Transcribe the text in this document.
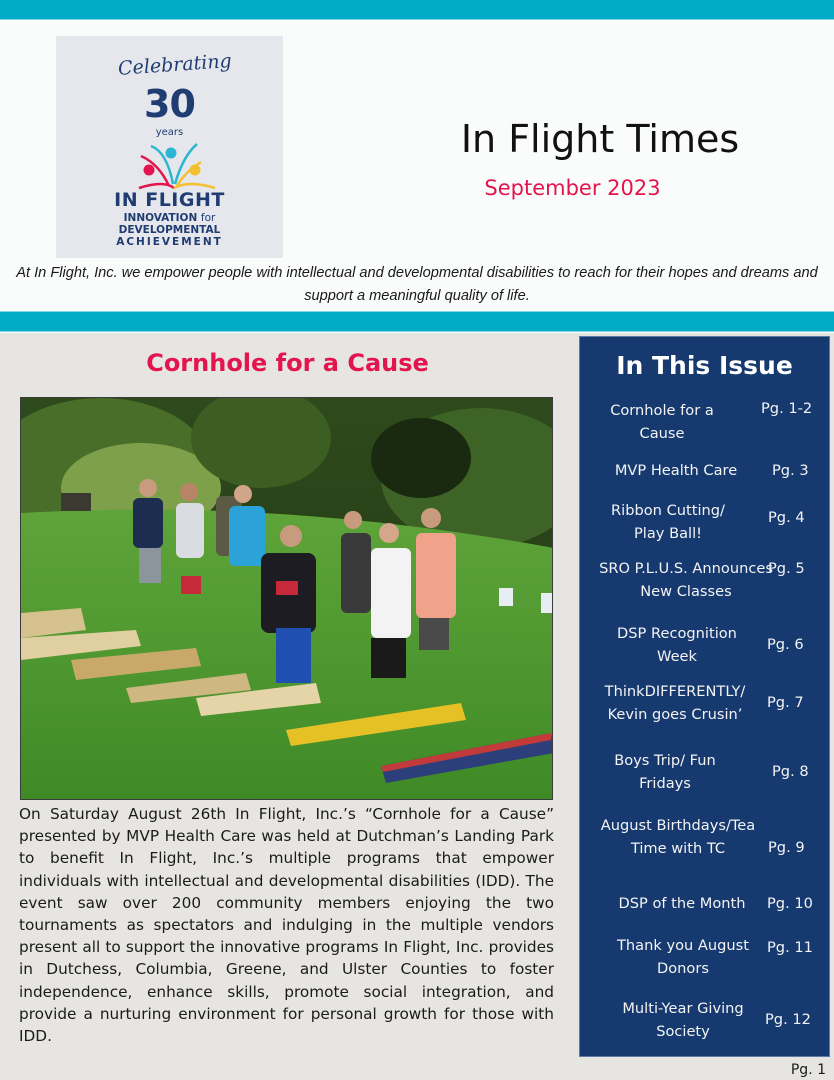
Celebrating
30
years
IN FLIGHT
INNOVATION for
DEVELOPMENTAL
ACHIEVEMENT
In Flight Times
September 2023

At In Flight, Inc. we empower people with intellectual and developmental disabilities to reach for their hopes and dreams and support a meaningful quality of life.

Cornhole for a Cause

On Saturday August 26th In Flight, Inc.’s “Cornhole for a Cause” presented by MVP Health Care was held at Dutchman’s Landing Park to benefit In Flight, Inc.’s multiple programs that empower individuals with intellectual and developmental disabilities (IDD). The event saw over 200 community members enjoying the two tournaments as spectators and indulging in the multiple vendors present all to support the innovative programs In Flight, Inc. provides in Dutchess, Columbia, Greene, and Ulster Counties to foster independence, enhance skills, promote social integration, and provide a nurturing environment for personal growth for those with IDD.

In This Issue
Cornhole for a Cause
Pg. 1-2
MVP Health Care	Pg. 3
Ribbon Cutting/ Play Ball!
Pg. 4
SRO P.L.U.S. Announces New Classes
Pg. 5
DSP Recognition Week
Pg. 6
ThinkDIFFERENTLY/ Kevin goes Crusin’
Pg. 7
Boys Trip/ Fun Fridays
Pg. 8
August Birthdays/Tea Time with TC	Pg. 9
DSP of the Month	Pg. 10
Thank you August Donors
Pg. 11
Multi-Year Giving Society
Pg. 12
Pg. 1
